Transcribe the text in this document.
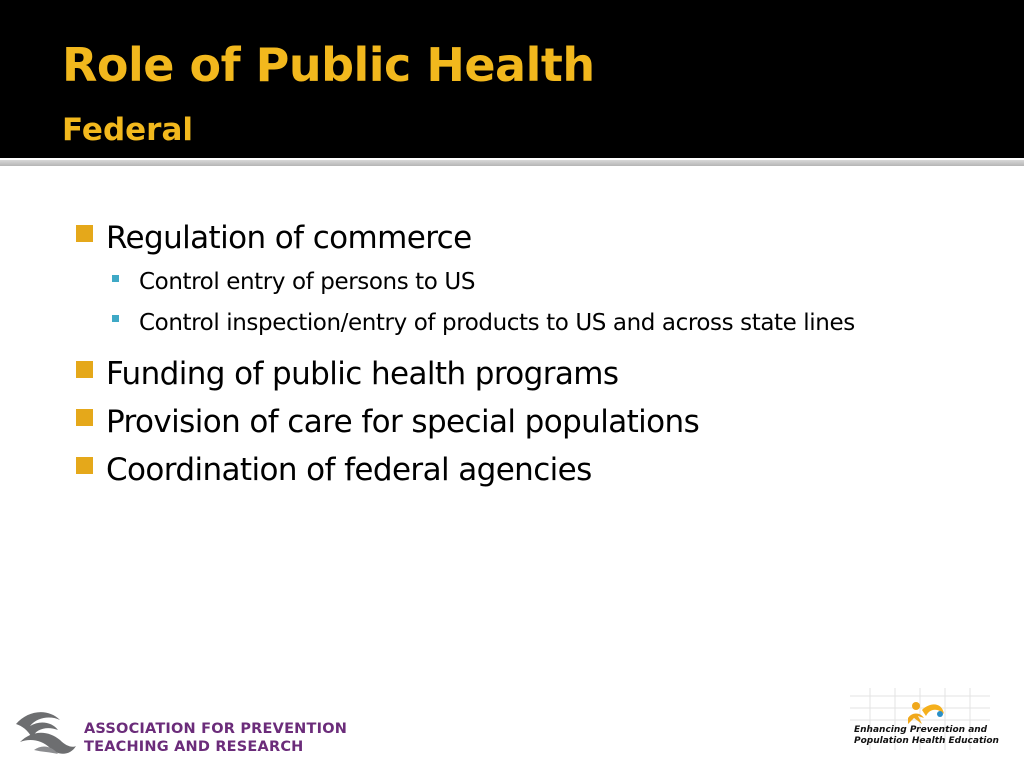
Role of Public Health
Federal
Regulation of commerce
Control entry of persons to US
Control inspection/entry of products to US and across state lines
Funding of public health programs
Provision of care for special populations
Coordination of federal agencies
ASSOCIATION FOR PREVENTION
TEACHING AND RESEARCH
Enhancing Prevention and
Population Health Education
